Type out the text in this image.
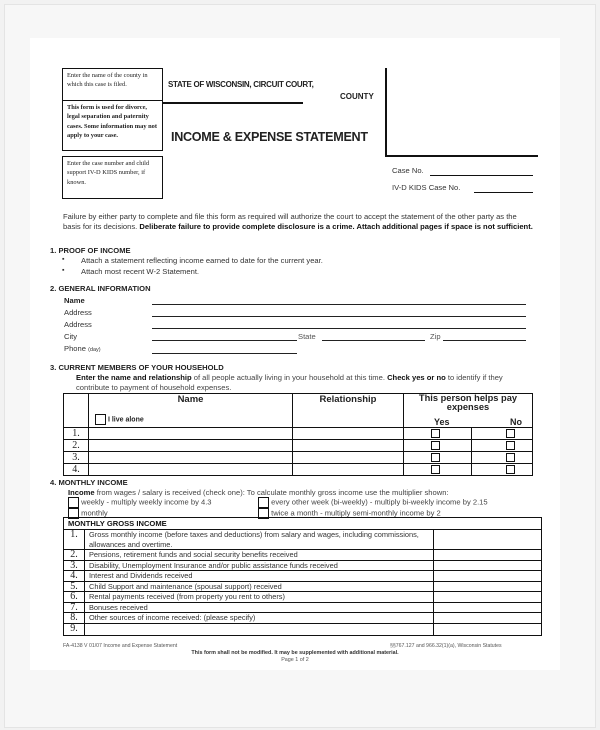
Enter the name of the county in which this case is filed.
This form is used for divorce, legal separation and paternity cases. Some information may not apply to your case.
Enter the case number and child support IV-D KIDS number, if known.
STATE OF WISCONSIN, CIRCUIT COURT,
COUNTY
INCOME & EXPENSE STATEMENT
Case No.
IV-D KIDS Case No.
Failure by either party to complete and file this form as required will authorize the court to accept the statement of the other party as the basis for its decisions. Deliberate failure to provide complete disclosure is a crime. Attach additional pages if space is not sufficient.
1. PROOF OF INCOME
▪ Attach a statement reflecting income earned to date for the current year.
▪ Attach most recent W-2 Statement.
2. GENERAL INFORMATION
Name
Address
Address
City	State	Zip
Phone (day)
3. CURRENT MEMBERS OF YOUR HOUSEHOLD
Enter the name and relationship of all people actually living in your household at this time. Check yes or no to identify if they contribute to payment of household expenses.

Name
I live alone

Relationship	This person helps pay expenses
Yes	No

1.						
2.						
3.						
4.						
4. MONTHLY INCOME
Income from wages / salary is received (check one): To calculate monthly gross income use the multiplier shown:
weekly - multiply weekly income by 4.3	every other week (bi-weekly) - multiply bi-weekly income by 2.15
monthly	twice a month - multiply semi-monthly income by 2
MONTHLY GROSS INCOME		
1.	Gross monthly income (before taxes and deductions) from salary and wages, including commissions, allowances and overtime.	
2.	Pensions, retirement funds and social security benefits received	
3.	Disability, Unemployment Insurance and/or public assistance funds received	
4.	Interest and Dividends received	
5.	Child Support and maintenance (spousal support) received	
6.	Rental payments received (from property you rent to others)	
7.	Bonuses received	
8.	Other sources of income received: (please specify)	
9.		
FA-4138 V 01/07 Income and Expense Statement	§§767.127 and 966.32(1)(a), Wisconsin Statutes
This form shall not be modified. It may be supplemented with additional material.
Page 1 of 2
